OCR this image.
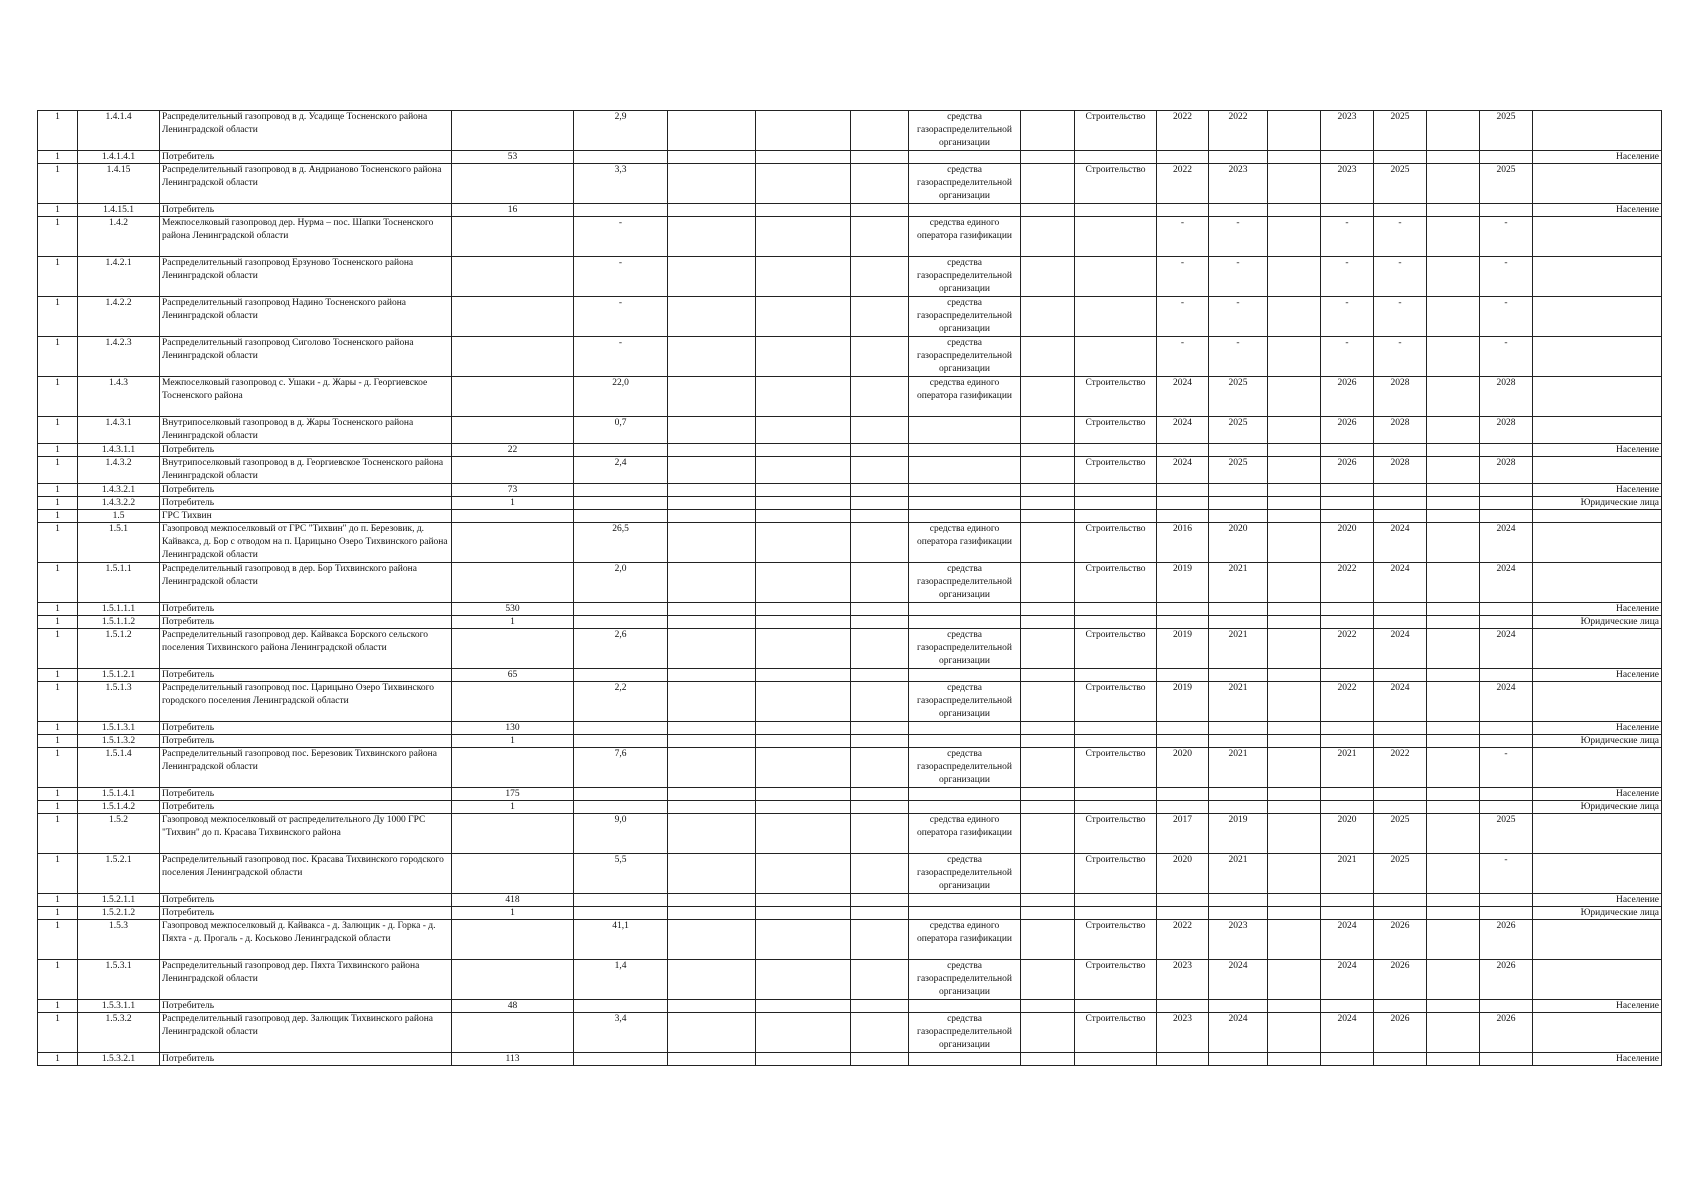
1	1.4.1.4	Распределительный газопровод в д. Усадище Тосненского района Ленинградской области		2,9				средства газораспределительной организации		Строительство	2022	2022		2023	2025		2025	
1	1.4.1.4.1	Потребитель	53															Население
1	1.4.15	Распределительный газопровод в д. Андрианово Тосненского района Ленинградской области		3,3				средства газораспределительной организации		Строительство	2022	2023		2023	2025		2025	
1	1.4.15.1	Потребитель	16															Население
1	1.4.2	Межпоселковый газопровод дер. Нурма – пос. Шапки Тосненского района Ленинградской области		-				средства единого оператора газификации			-	-		-	-		-	
1	1.4.2.1	Распределительный газопровод Ерзуново Тосненского района Ленинградской области		-				средства газораспределительной организации			-	-		-	-		-	
1	1.4.2.2	Распределительный газопровод Надино Тосненского района Ленинградской области		-				средства газораспределительной организации			-	-		-	-		-	
1	1.4.2.3	Распределительный газопровод Сиголово Тосненского района Ленинградской области		-				средства газораспределительной организации			-	-		-	-		-	
1	1.4.3	Межпоселковый газопровод с. Ушаки - д. Жары - д. Георгиевское Тосненского района		22,0				средства единого оператора газификации		Строительство	2024	2025		2026	2028		2028	
1	1.4.3.1	Внутрипоселковый газопровод в д. Жары Тосненского района Ленинградской области		0,7						Строительство	2024	2025		2026	2028		2028	
1	1.4.3.1.1	Потребитель	22															Население
1	1.4.3.2	Внутрипоселковый газопровод в д. Георгиевское Тосненского района Ленинградской области		2,4						Строительство	2024	2025		2026	2028		2028	
1	1.4.3.2.1	Потребитель	73															Население
1	1.4.3.2.2	Потребитель	1															Юридические лица
1	1.5	ГРС Тихвин																
1	1.5.1	Газопровод межпоселковый от ГРС "Тихвин" до п. Березовик, д. Кайвакса, д. Бор с отводом на п. Царицыно Озеро Тихвинского района Ленинградской области		26,5				средства единого оператора газификации		Строительство	2016	2020		2020	2024		2024	
1	1.5.1.1	Распределительный газопровод в дер. Бор Тихвинского района Ленинградской области		2,0				средства газораспределительной организации		Строительство	2019	2021		2022	2024		2024	
1	1.5.1.1.1	Потребитель	530															Население
1	1.5.1.1.2	Потребитель	1															Юридические лица
1	1.5.1.2	Распределительный газопровод дер. Кайвакса Борского сельского поселения Тихвинского района Ленинградской области		2,6				средства газораспределительной организации		Строительство	2019	2021		2022	2024		2024	
1	1.5.1.2.1	Потребитель	65															Население
1	1.5.1.3	Распределительный газопровод пос. Царицыно Озеро Тихвинского городского поселения Ленинградской области		2,2				средства газораспределительной организации		Строительство	2019	2021		2022	2024		2024	
1	1.5.1.3.1	Потребитель	130															Население
1	1.5.1.3.2	Потребитель	1															Юридические лица
1	1.5.1.4	Распределительный газопровод пос. Березовик Тихвинского района Ленинградской области		7,6				средства газораспределительной организации		Строительство	2020	2021		2021	2022		-	
1	1.5.1.4.1	Потребитель	175															Население
1	1.5.1.4.2	Потребитель	1															Юридические лица
1	1.5.2	Газопровод межпоселковый от распределительного Ду 1000 ГРС "Тихвин" до п. Красава Тихвинского района		9,0				средства единого оператора газификации		Строительство	2017	2019		2020	2025		2025	
1	1.5.2.1	Распределительный газопровод пос. Красава Тихвинского городского поселения Ленинградской области		5,5				средства газораспределительной организации		Строительство	2020	2021		2021	2025		-	
1	1.5.2.1.1	Потребитель	418															Население
1	1.5.2.1.2	Потребитель	1															Юридические лица
1	1.5.3	Газопровод межпоселковый д. Кайвакса - д. Залющик - д. Горка - д. Пяхта - д. Прогаль - д. Коськово Ленинградской области		41,1				средства единого оператора газификации		Строительство	2022	2023		2024	2026		2026	
1	1.5.3.1	Распределительный газопровод дер. Пяхта Тихвинского района Ленинградской области		1,4				средства газораспределительной организации		Строительство	2023	2024		2024	2026		2026	
1	1.5.3.1.1	Потребитель	48															Население
1	1.5.3.2	Распределительный газопровод дер. Залющик Тихвинского района Ленинградской области		3,4				средства газораспределительной организации		Строительство	2023	2024		2024	2026		2026	
1	1.5.3.2.1	Потребитель	113															Население
